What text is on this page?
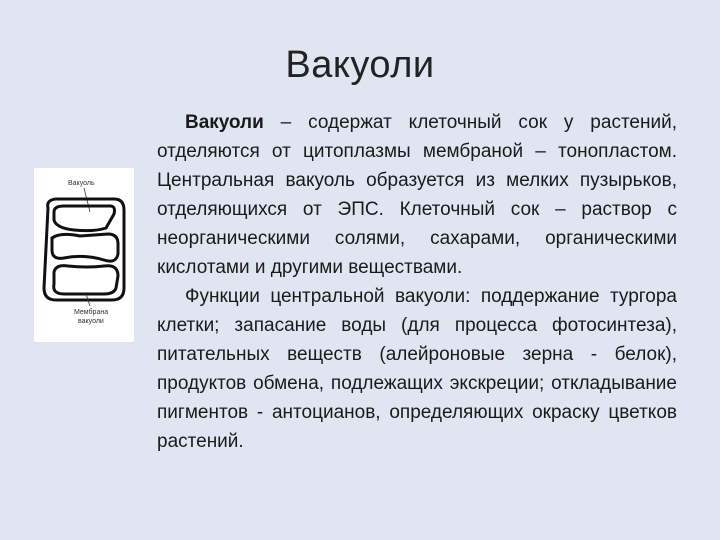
Вакуоли
Вакуоль
Мембрана
вакуоли

Вакуоли – содержат клеточный сок у растений, отделяются от цитоплазмы мембраной – тонопластом. Центральная вакуоль образуется из мелких пузырьков, отделяющихся от ЭПС. Клеточный сок – раствор с неорганическими солями, сахарами, органическими кислотами и другими веществами.

Функции центральной вакуоли: поддержание тургора клетки; запасание воды (для процесса фотосинтеза), питательных веществ (алейроновые зерна - белок), продуктов обмена, подлежащих экскреции; откладывание пигментов - антоцианов, определяющих окраску цветков растений.
